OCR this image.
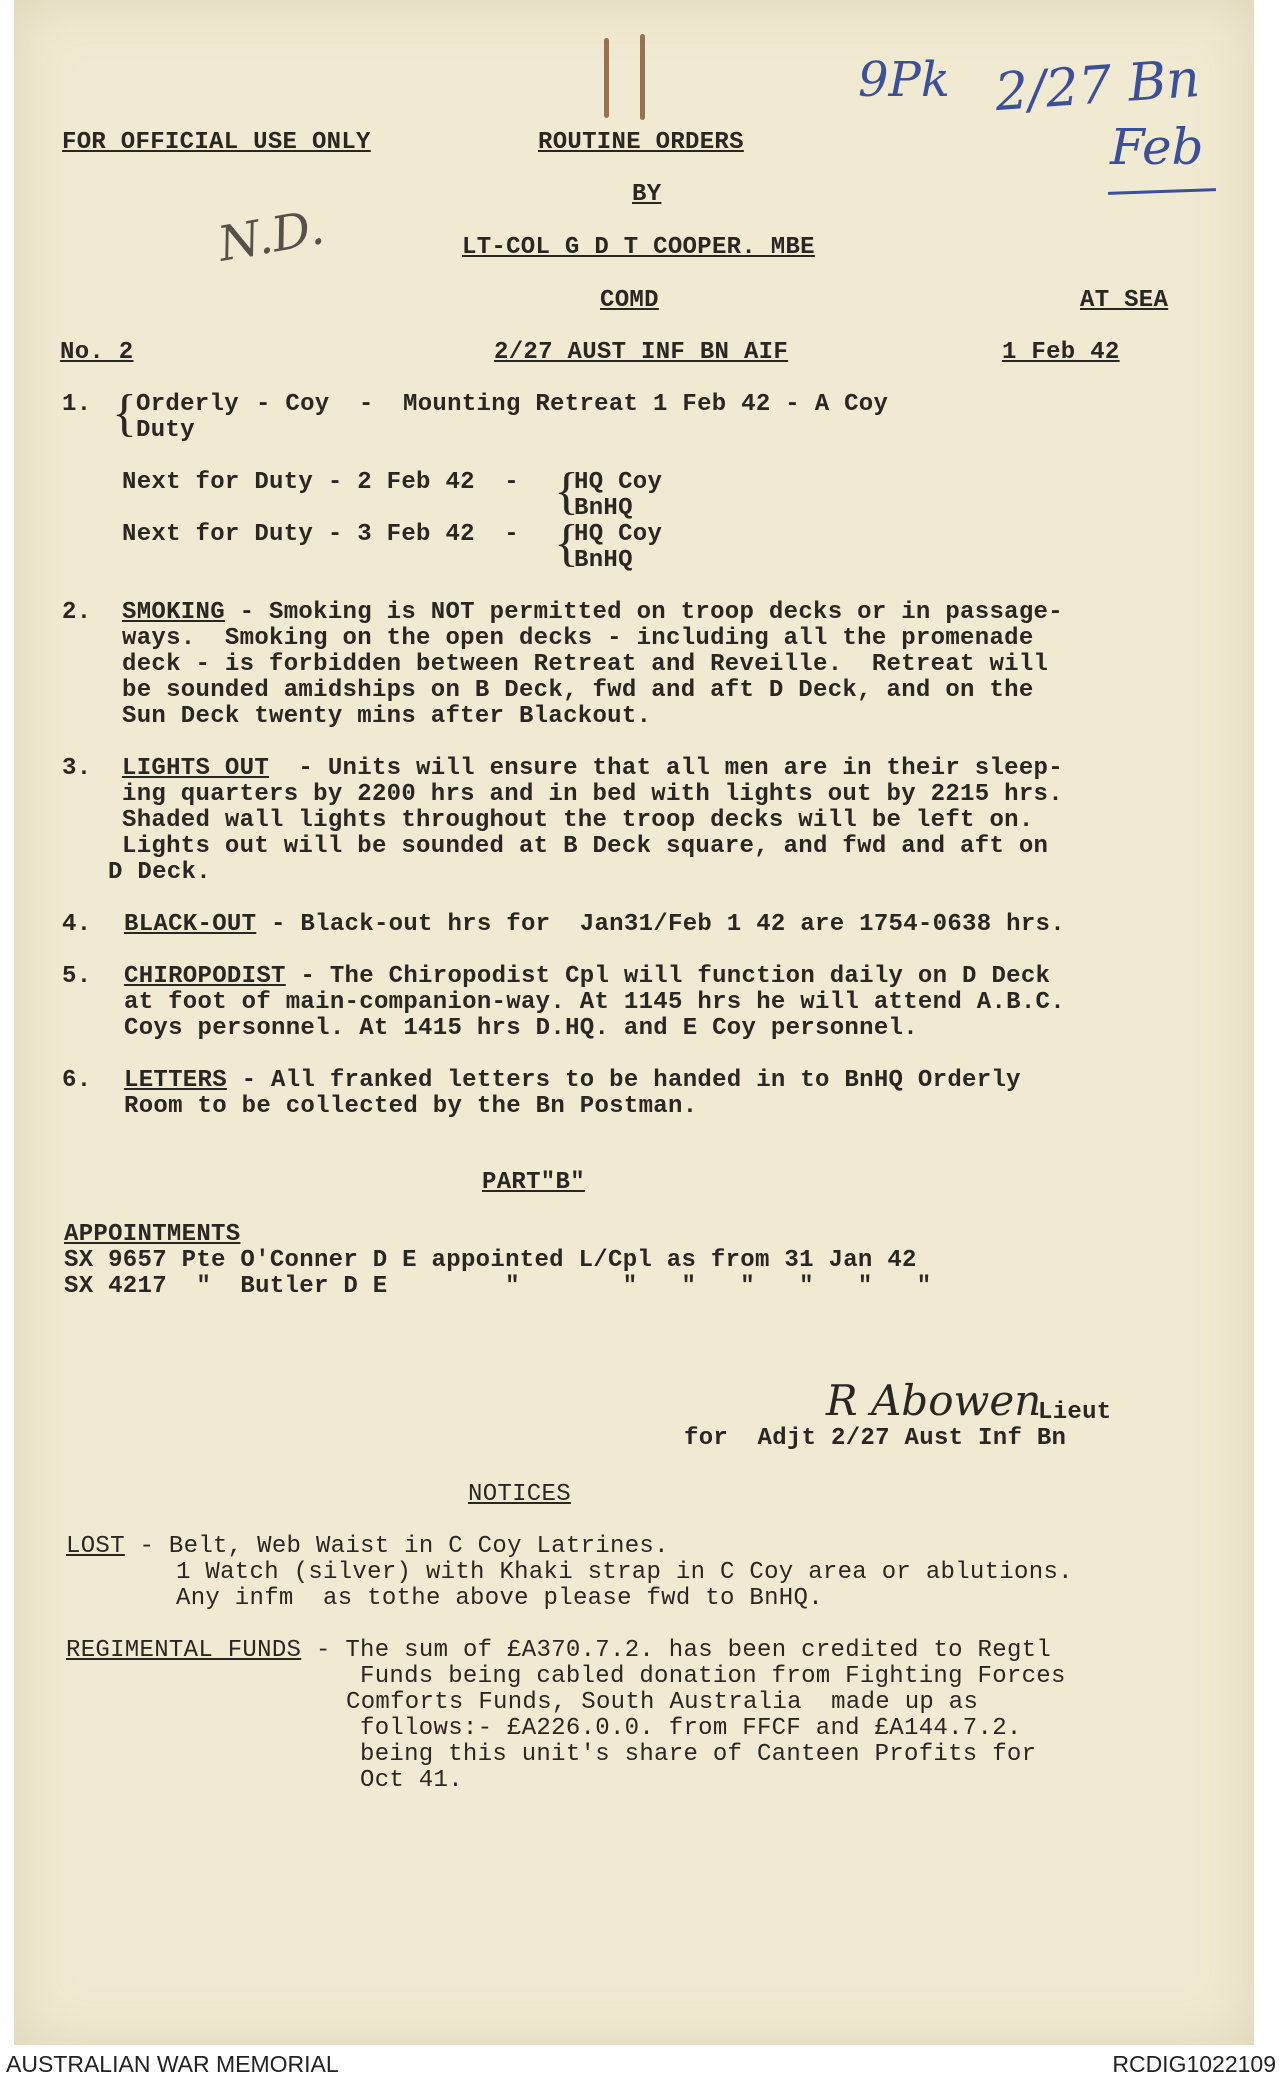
9Pk 2/27 Bn
Feb
N.D.
FOR OFFICIAL USE ONLY	ROUTINE ORDERS
BY
LT-COL G D T COOPER. MBE
COMD	AT SEA
No. 2	2/27 AUST INF BN AIF	1 Feb 42
1. { Orderly
Duty
- Coy  -  Mounting Retreat 1 Feb 42 - A Coy
Next for Duty - 2 Feb 42  - {
HQ Coy
BnHQ
Next for Duty - 3 Feb 42  - {
HQ Coy
BnHQ
2. SMOKING - Smoking is NOT permitted on troop decks or in passage-
ways.  Smoking on the open decks - including all the promenade
deck - is forbidden between Retreat and Reveille.  Retreat will
be sounded amidships on B Deck, fwd and aft D Deck, and on the
Sun Deck twenty mins after Blackout.
3. LIGHTS OUT  - Units will ensure that all men are in their sleep-
ing quarters by 2200 hrs and in bed with lights out by 2215 hrs.
Shaded wall lights throughout the troop decks will be left on.
Lights out will be sounded at B Deck square, and fwd and aft on
D Deck.
4. BLACK-OUT - Black-out hrs for  Jan31/Feb 1 42 are 1754-0638 hrs.
5. CHIROPODIST - The Chiropodist Cpl will function daily on D Deck
at foot of main-companion-way. At 1145 hrs he will attend A.B.C.
Coys personnel. At 1415 hrs D.HQ. and E Coy personnel.
6. LETTERS - All franked letters to be handed in to BnHQ Orderly
Room to be collected by the Bn Postman.
PART"B"
APPOINTMENTS
SX 9657 Pte O'Conner D E appointed L/Cpl as from 31 Jan 42
SX 4217  "  Butler D E        "       "   "   "   "   "   "
R Abowen
Lieut
for  Adjt 2/27 Aust Inf Bn
NOTICES
LOST - Belt, Web Waist in C Coy Latrines.
1 Watch (silver) with Khaki strap in C Coy area or ablutions.
Any infm  as tothe above please fwd to BnHQ.
REGIMENTAL FUNDS - The sum of £A370.7.2. has been credited to Regtl
Funds being cabled donation from Fighting Forces
Comforts Funds, South Australia  made up as
follows:- £A226.0.0. from FFCF and £A144.7.2.
being this unit's share of Canteen Profits for
Oct 41.
AUSTRALIAN WAR MEMORIAL	RCDIG1022109
